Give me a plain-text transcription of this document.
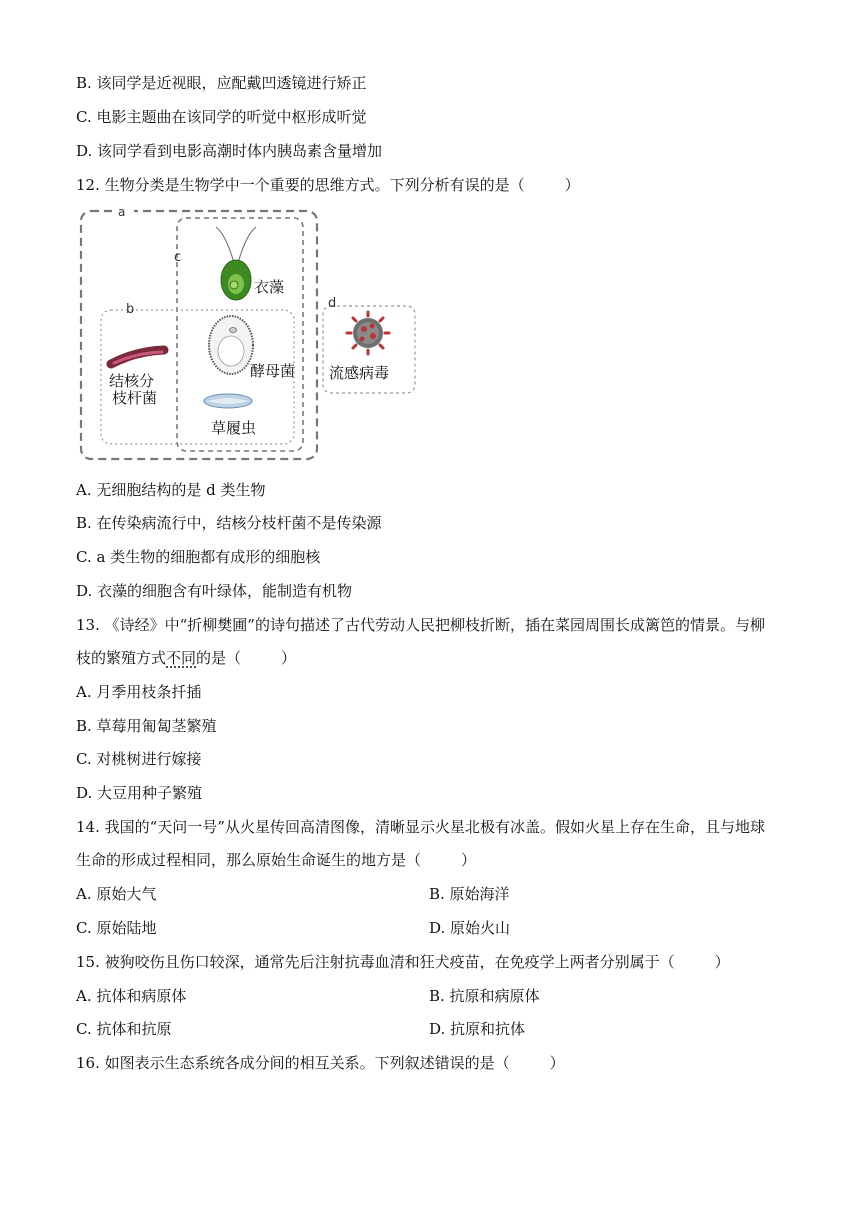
B. 该同学是近视眼，应配戴凹透镜进行矫正
C. 电影主题曲在该同学的听觉中枢形成听觉
D. 该同学看到电影高潮时体内胰岛素含量增加
12. 生物分类是生物学中一个重要的思维方式。下列分析有误的是（	）
a
c
b	d
衣藻
酵母菌
结核分
枝杆菌
草履虫
流感病毒
A. 无细胞结构的是 d 类生物
B. 在传染病流行中，结核分枝杆菌不是传染源
C. a 类生物的细胞都有成形的细胞核
D. 衣藻的细胞含有叶绿体，能制造有机物
13. 《诗经》中“折柳樊圃”的诗句描述了古代劳动人民把柳枝折断，插在菜园周围长成篱笆的情景。与柳
枝的繁殖方式不同的是（	）
A. 月季用枝条扦插
B. 草莓用匍匐茎繁殖
C. 对桃树进行嫁接
D. 大豆用种子繁殖
14. 我国的“天问一号”从火星传回高清图像，清晰显示火星北极有冰盖。假如火星上存在生命，且与地球
生命的形成过程相同，那么原始生命诞生的地方是（	）
A. 原始大气	B. 原始海洋
C. 原始陆地	D. 原始火山
15. 被狗咬伤且伤口较深，通常先后注射抗毒血清和狂犬疫苗，在免疫学上两者分别属于（	）
A. 抗体和病原体	B. 抗原和病原体
C. 抗体和抗原	D. 抗原和抗体
16. 如图表示生态系统各成分间的相互关系。下列叙述错误的是（	）
